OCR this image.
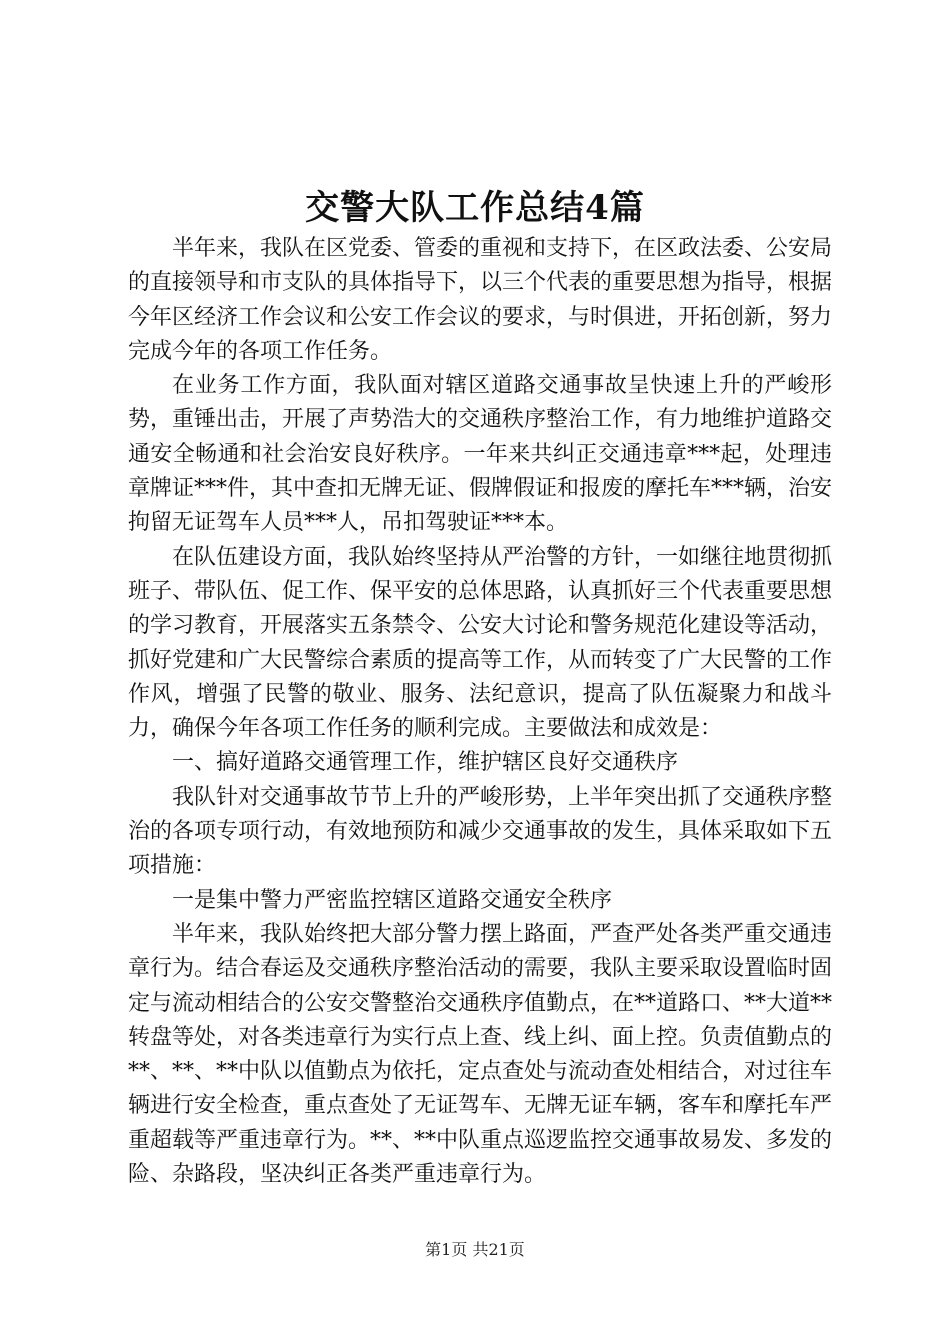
交警大队工作总结4篇

半年来，我队在区党委、管委的重视和支持下，在区政法委、公安局的直接领导和市支队的具体指导下，以三个代表的重要思想为指导，根据今年区经济工作会议和公安工作会议的要求，与时俱进，开拓创新，努力完成今年的各项工作任务。

在业务工作方面，我队面对辖区道路交通事故呈快速上升的严峻形势，重锤出击，开展了声势浩大的交通秩序整治工作，有力地维护道路交通安全畅通和社会治安良好秩序。一年来共纠正交通违章***起，处理违章牌证***件，其中查扣无牌无证、假牌假证和报废的摩托车***辆，治安拘留无证驾车人员***人，吊扣驾驶证***本。

在队伍建设方面，我队始终坚持从严治警的方针，一如继往地贯彻抓班子、带队伍、促工作、保平安的总体思路，认真抓好三个代表重要思想的学习教育，开展落实五条禁令、公安大讨论和警务规范化建设等活动，抓好党建和广大民警综合素质的提高等工作，从而转变了广大民警的工作作风，增强了民警的敬业、服务、法纪意识，提高了队伍凝聚力和战斗力，确保今年各项工作任务的顺利完成。主要做法和成效是：

一、搞好道路交通管理工作，维护辖区良好交通秩序

我队针对交通事故节节上升的严峻形势，上半年突出抓了交通秩序整治的各项专项行动，有效地预防和减少交通事故的发生，具体采取如下五项措施：

一是集中警力严密监控辖区道路交通安全秩序

半年来，我队始终把大部分警力摆上路面，严查严处各类严重交通违章行为。结合春运及交通秩序整治活动的需要，我队主要采取设置临时固定与流动相结合的公安交警整治交通秩序值勤点，在**道路口、**大道**转盘等处，对各类违章行为实行点上查、线上纠、面上控。负责值勤点的**、**、**中队以值勤点为依托，定点查处与流动查处相结合，对过往车辆进行安全检查，重点查处了无证驾车、无牌无证车辆，客车和摩托车严重超载等严重违章行为。**、**中队重点巡逻监控交通事故易发、多发的险、杂路段，坚决纠正各类严重违章行为。

第1页 共21页
